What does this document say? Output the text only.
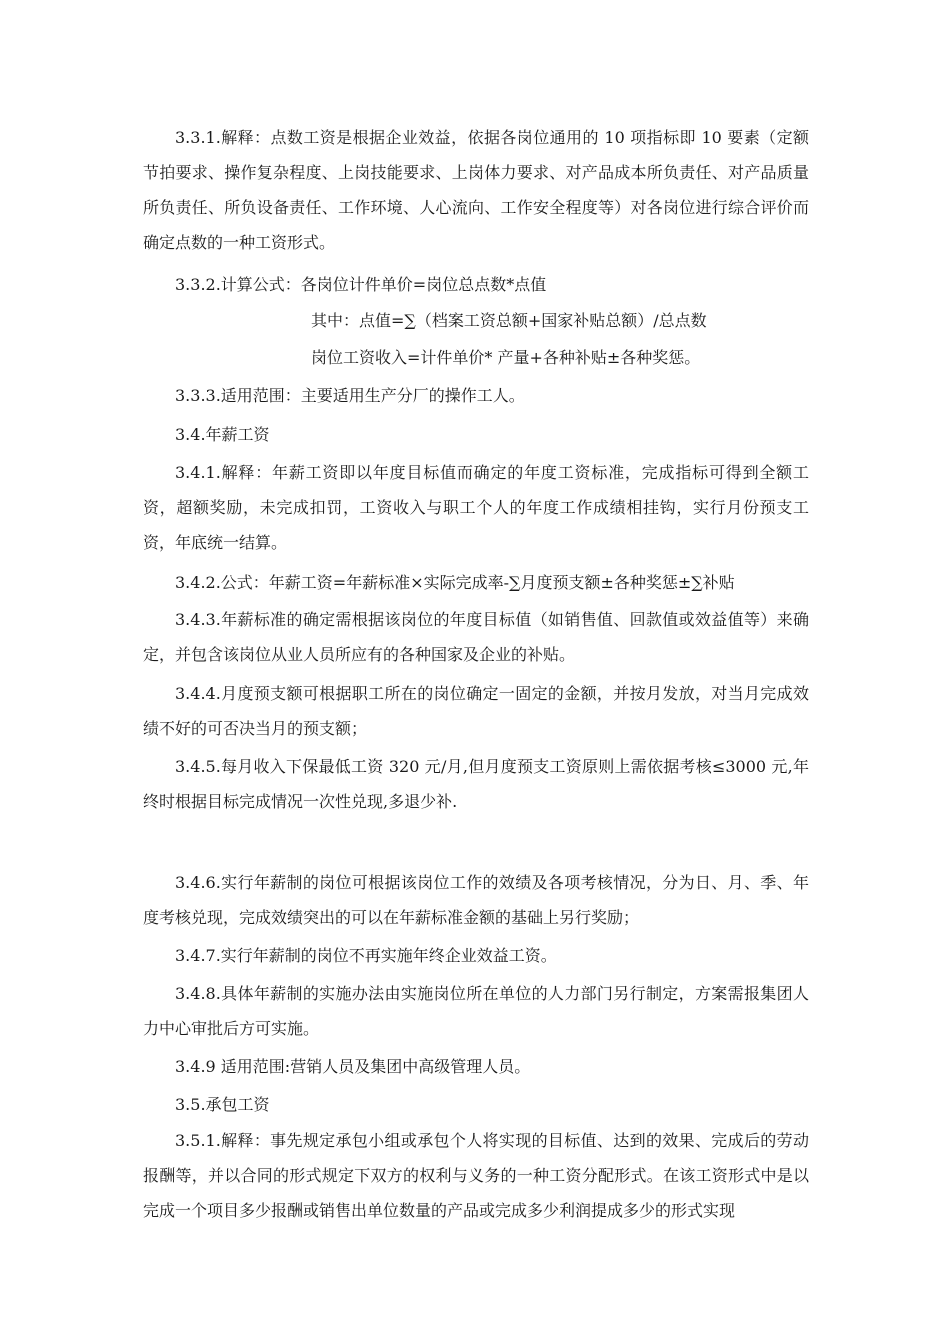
3.3.1.解释：点数工资是根据企业效益，依据各岗位通用的 10 项指标即 10 要素（定额节拍要求、操作复杂程度、上岗技能要求、上岗体力要求、对产品成本所负责任、对产品质量所负责任、所负设备责任、工作环境、人心流向、工作安全程度等）对各岗位进行综合评价而确定点数的一种工资形式。

3.3.2.计算公式：各岗位计件单价=岗位总点数*点值

其中：点值=∑（档案工资总额+国家补贴总额）/总点数

岗位工资收入=计件单价* 产量+各种补贴±各种奖惩。

3.3.3.适用范围：主要适用生产分厂的操作工人。

3.4.年薪工资

3.4.1.解释：年薪工资即以年度目标值而确定的年度工资标准，完成指标可得到全额工资，超额奖励，未完成扣罚，工资收入与职工个人的年度工作成绩相挂钩，实行月份预支工资，年底统一结算。

3.4.2.公式：年薪工资=年薪标准×实际完成率-∑月度预支额±各种奖惩±∑补贴

3.4.3.年薪标准的确定需根据该岗位的年度目标值（如销售值、回款值或效益值等）来确定，并包含该岗位从业人员所应有的各种国家及企业的补贴。

3.4.4.月度预支额可根据职工所在的岗位确定一固定的金额，并按月发放，对当月完成效绩不好的可否决当月的预支额；

3.4.5.每月收入下保最低工资 320 元/月,但月度预支工资原则上需依据考核≤3000 元,年终时根据目标完成情况一次性兑现,多退少补.

3.4.6.实行年薪制的岗位可根据该岗位工作的效绩及各项考核情况，分为日、月、季、年度考核兑现，完成效绩突出的可以在年薪标准金额的基础上另行奖励；

3.4.7.实行年薪制的岗位不再实施年终企业效益工资。

3.4.8.具体年薪制的实施办法由实施岗位所在单位的人力部门另行制定，方案需报集团人力中心审批后方可实施。

3.4.9 适用范围:营销人员及集团中高级管理人员。

3.5.承包工资

3.5.1.解释：事先规定承包小组或承包个人将实现的目标值、达到的效果、完成后的劳动报酬等，并以合同的形式规定下双方的权利与义务的一种工资分配形式。在该工资形式中是以完成一个项目多少报酬或销售出单位数量的产品或完成多少利润提成多少的形式实现
